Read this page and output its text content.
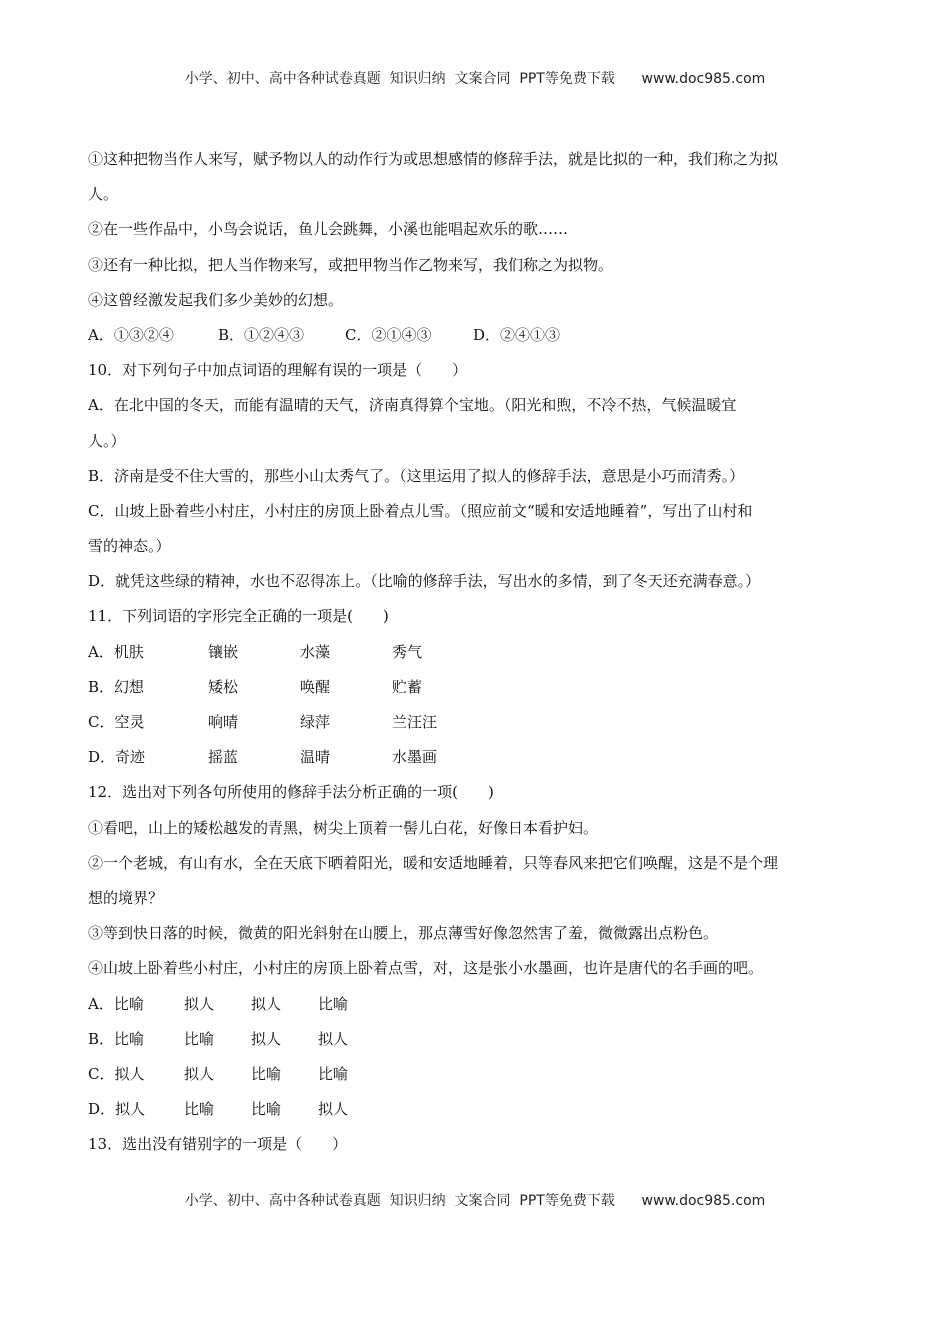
小学、初中、高中各种试卷真题  知识归纳  文案合同  PPT等免费下载 www.doc985.com
①这种把物当作人来写，赋予物以人的动作行为或思想感情的修辞手法，就是比拟的一种，我们称之为拟
人。
②在一些作品中，小鸟会说话，鱼儿会跳舞，小溪也能唱起欢乐的歌……
③还有一种比拟，把人当作物来写，或把甲物当作乙物来写，我们称之为拟物。
④这曾经激发起我们多少美妙的幻想。
A．①③②④	B．①②④③	C．②①④③	D．②④①③
10．对下列句子中加点词语的理解有误的一项是（　　）
A．在北中国的冬天，而能有温晴的天气，济南真得算个宝地。（阳光和煦，不冷不热，气候温暖宜
人。）
B．济南是受不住大雪的，那些小山太秀气了。（这里运用了拟人的修辞手法，意思是小巧而清秀。）
C．山坡上卧着些小村庄，小村庄的房顶上卧着点儿雪。（照应前文“暖和安适地睡着”，写出了山村和
雪的神态。）
D．就凭这些绿的精神，水也不忍得冻上。（比喻的修辞手法，写出水的多情，到了冬天还充满春意。）
11．下列词语的字形完全正确的一项是(　　)
A．机肤	镶嵌	水藻	秀气
B．幻想	矮松	唤醒	贮蓄
C．空灵	响晴	绿萍	兰汪汪
D．奇迹	摇蓝	温晴	水墨画
12．选出对下列各句所使用的修辞手法分析正确的一项(　　)
①看吧，山上的矮松越发的青黑，树尖上顶着一髻儿白花，好像日本看护妇。
②一个老城，有山有水，全在天底下晒着阳光，暖和安适地睡着，只等春风来把它们唤醒，这是不是个理
想的境界？
③等到快日落的时候，微黄的阳光斜射在山腰上，那点薄雪好像忽然害了羞，微微露出点粉色。
④山坡上卧着些小村庄，小村庄的房顶上卧着点雪，对，这是张小水墨画，也许是唐代的名手画的吧。
A．比喻	拟人	拟人	比喻
B．比喻	比喻	拟人	拟人
C．拟人	拟人	比喻	比喻
D．拟人	比喻	比喻	拟人
13．选出没有错别字的一项是（　　）
小学、初中、高中各种试卷真题  知识归纳  文案合同  PPT等免费下载 www.doc985.com
